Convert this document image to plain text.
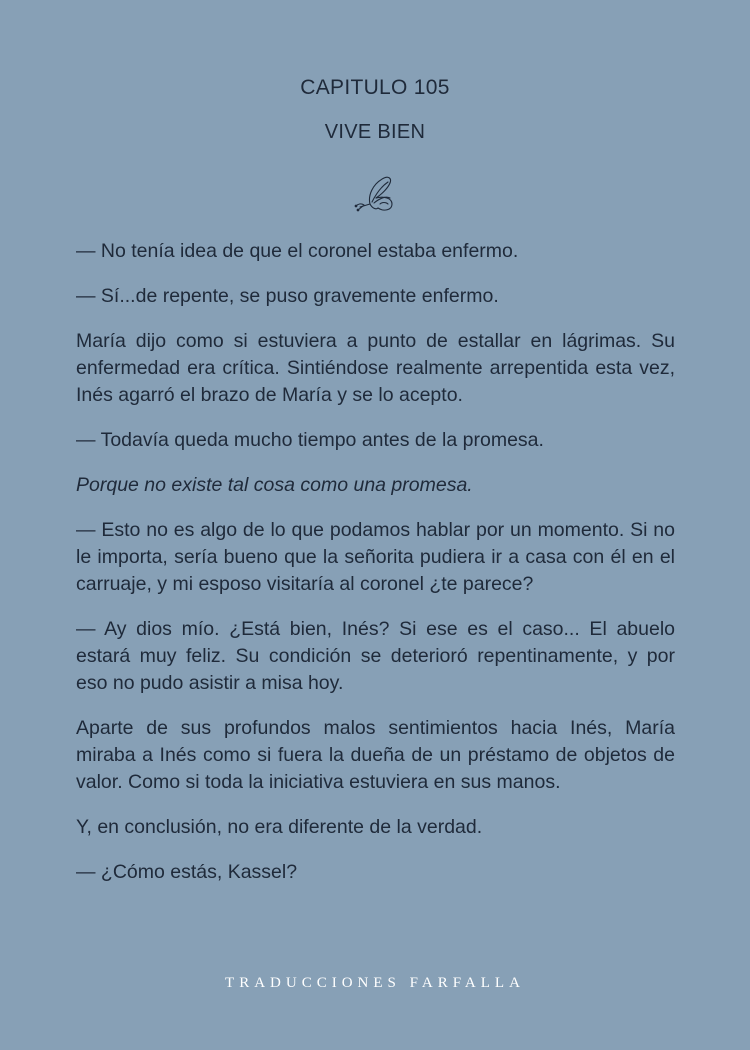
CAPITULO 105
VIVE BIEN

— No tenía idea de que el coronel estaba enfermo.

— Sí...de repente, se puso gravemente enfermo.

María dijo como si estuviera a punto de estallar en lágrimas. Su enfermedad era crítica. Sintiéndose realmente arrepentida esta vez, Inés agarró el brazo de María y se lo acepto.

— Todavía queda mucho tiempo antes de la promesa.

Porque no existe tal cosa como una promesa.

— Esto no es algo de lo que podamos hablar por un momento. Si no le importa, sería bueno que la señorita pudiera ir a casa con él en el carruaje, y mi esposo visitaría al coronel ¿te parece?

— Ay dios mío. ¿Está bien, Inés? Si ese es el caso... El abuelo estará muy feliz. Su condición se deterioró repentinamente, y por eso no pudo asistir a misa hoy.

Aparte de sus profundos malos sentimientos hacia Inés, María miraba a Inés como si fuera la dueña de un préstamo de objetos de valor. Como si toda la iniciativa estuviera en sus manos.

Y, en conclusión, no era diferente de la verdad.

— ¿Cómo estás, Kassel?

TRADUCCIONES FARFALLA
